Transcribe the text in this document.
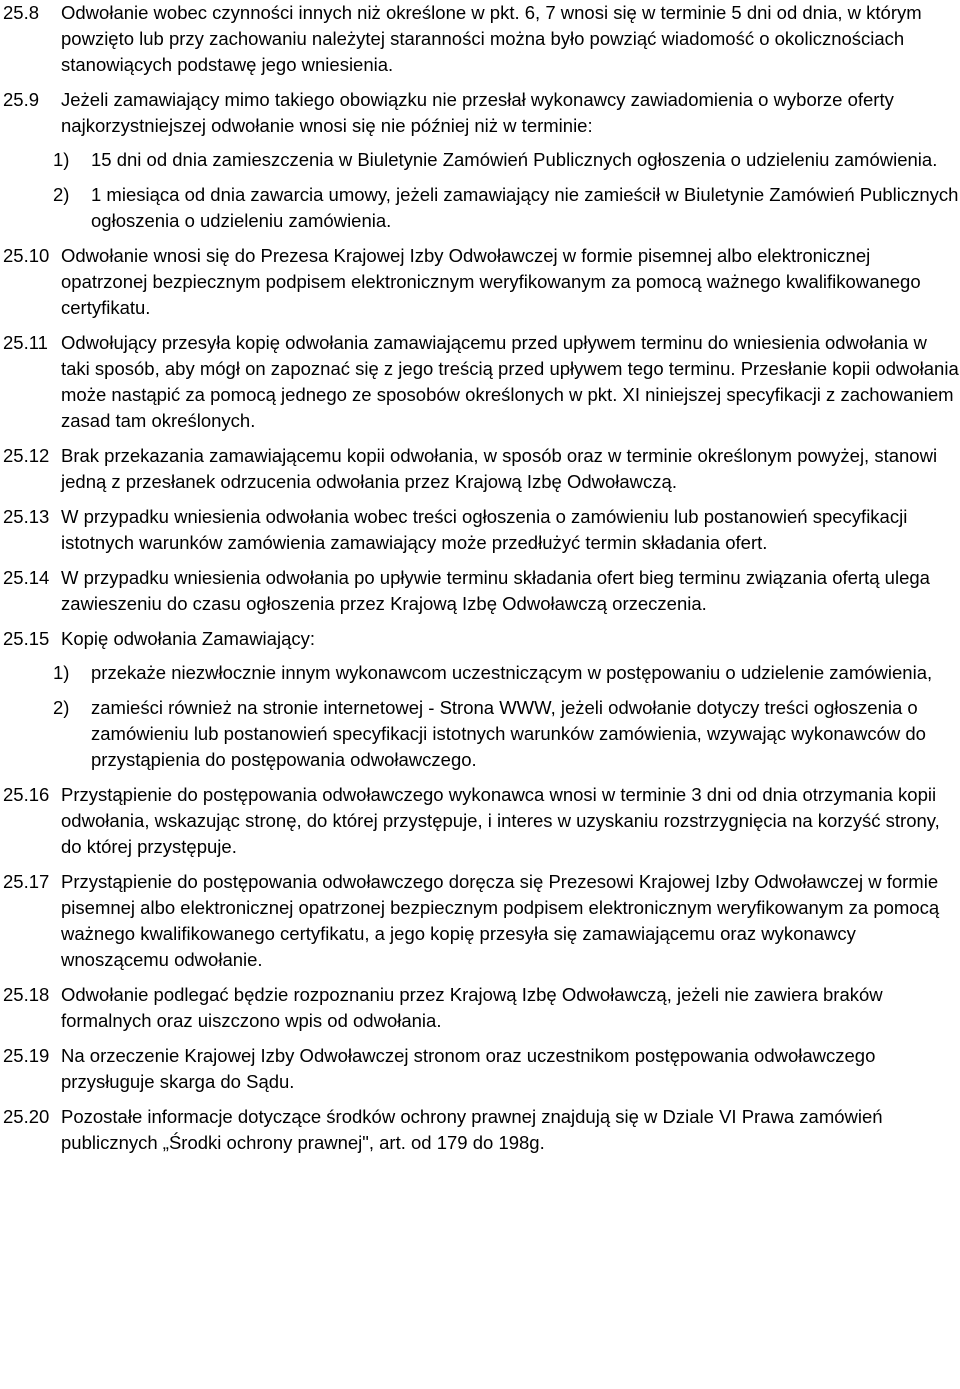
25.8 Odwołanie wobec czynności innych niż określone w pkt. 6, 7 wnosi się w terminie 5 dni od dnia, w którym powzięto lub przy zachowaniu należytej staranności można było powziąć wiadomość o okolicznościach stanowiących podstawę jego wniesienia.
25.9 Jeżeli zamawiający mimo takiego obowiązku nie przesłał wykonawcy zawiadomienia o wyborze oferty najkorzystniejszej odwołanie wnosi się nie później niż w terminie:
1) 15 dni od dnia zamieszczenia w Biuletynie Zamówień Publicznych ogłoszenia o udzieleniu zamówienia.
2) 1 miesiąca od dnia zawarcia umowy, jeżeli zamawiający nie zamieścił w Biuletynie Zamówień Publicznych ogłoszenia o udzieleniu zamówienia.
25.10 Odwołanie wnosi się do Prezesa Krajowej Izby Odwoławczej w formie pisemnej albo elektronicznej opatrzonej bezpiecznym podpisem elektronicznym weryfikowanym za pomocą ważnego kwalifikowanego certyfikatu.
25.11 Odwołujący przesyła kopię odwołania zamawiającemu przed upływem terminu do wniesienia odwołania w taki sposób, aby mógł on zapoznać się z jego treścią przed upływem tego terminu. Przesłanie kopii odwołania może nastąpić za pomocą jednego ze sposobów określonych w pkt. XI niniejszej specyfikacji z zachowaniem zasad tam określonych.
25.12 Brak przekazania zamawiającemu kopii odwołania, w sposób oraz w terminie określonym powyżej, stanowi jedną z przesłanek odrzucenia odwołania przez Krajową Izbę Odwoławczą.
25.13 W przypadku wniesienia odwołania wobec treści ogłoszenia o zamówieniu lub postanowień specyfikacji istotnych warunków zamówienia zamawiający może przedłużyć termin składania ofert.
25.14 W przypadku wniesienia odwołania po upływie terminu składania ofert bieg terminu związania ofertą ulega zawieszeniu do czasu ogłoszenia przez Krajową Izbę Odwoławczą orzeczenia.
25.15 Kopię odwołania Zamawiający:
1) przekaże niezwłocznie innym wykonawcom uczestniczącym w postępowaniu o udzielenie zamówienia,
2) zamieści również na stronie internetowej - Strona WWW, jeżeli odwołanie dotyczy treści ogłoszenia o zamówieniu lub postanowień specyfikacji istotnych warunków zamówienia, wzywając wykonawców do przystąpienia do postępowania odwoławczego.
25.16 Przystąpienie do postępowania odwoławczego wykonawca wnosi w terminie 3 dni od dnia otrzymania kopii odwołania, wskazując stronę, do której przystępuje, i interes w uzyskaniu rozstrzygnięcia na korzyść strony, do której przystępuje.
25.17 Przystąpienie do postępowania odwoławczego doręcza się Prezesowi Krajowej Izby Odwoławczej w formie pisemnej albo elektronicznej opatrzonej bezpiecznym podpisem elektronicznym weryfikowanym za pomocą ważnego kwalifikowanego certyfikatu, a jego kopię przesyła się zamawiającemu oraz wykonawcy wnoszącemu odwołanie.
25.18 Odwołanie podlegać będzie rozpoznaniu przez Krajową Izbę Odwoławczą, jeżeli nie zawiera braków formalnych oraz uiszczono wpis od odwołania.
25.19 Na orzeczenie Krajowej Izby Odwoławczej stronom oraz uczestnikom postępowania odwoławczego przysługuje skarga do Sądu.
25.20 Pozostałe informacje dotyczące środków ochrony prawnej znajdują się w Dziale VI Prawa zamówień publicznych „Środki ochrony prawnej", art. od 179 do 198g.
